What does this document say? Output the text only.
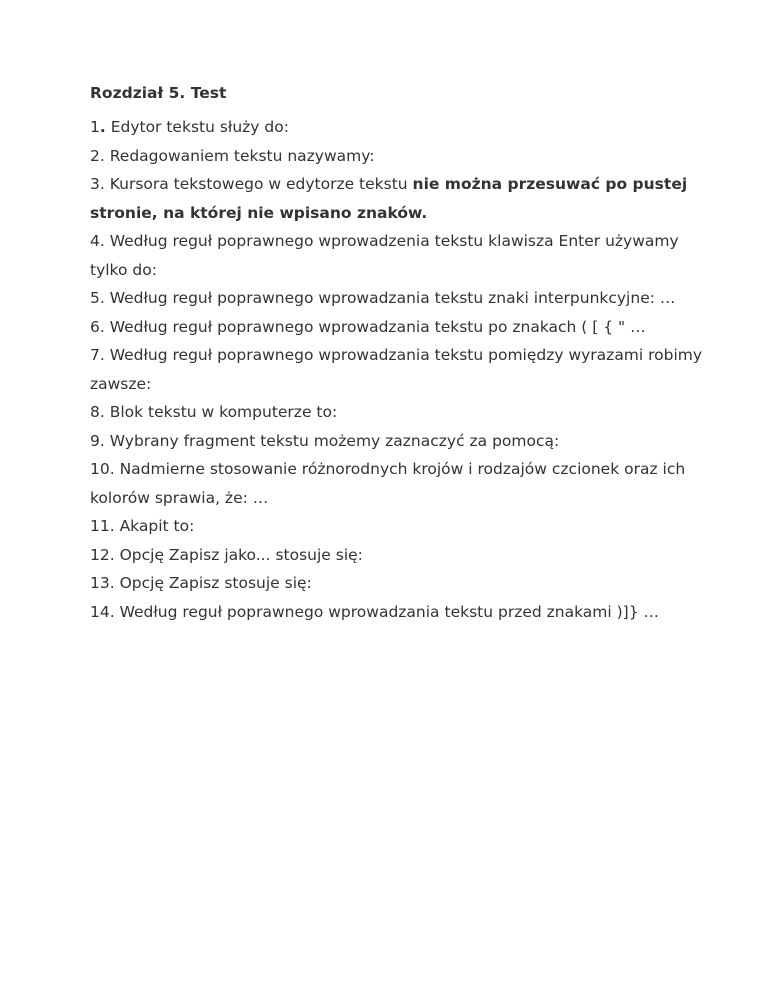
Rozdział 5. Test

1. Edytor tekstu służy do:

2. Redagowaniem tekstu nazywamy:

3. Kursora tekstowego w edytorze tekstu nie można przesuwać po pustej stronie, na której nie wpisano znaków.

4. Według reguł poprawnego wprowadzenia tekstu klawisza Enter używamy tylko do:

5. Według reguł poprawnego wprowadzania tekstu znaki interpunkcyjne: …

6. Według reguł poprawnego wprowadzania tekstu po znakach ( [ { " …

7. Według reguł poprawnego wprowadzania tekstu pomiędzy wyrazami robimy zawsze:

8. Blok tekstu w komputerze to:

9. Wybrany fragment tekstu możemy zaznaczyć za pomocą:

10. Nadmierne stosowanie różnorodnych krojów i rodzajów czcionek oraz ich kolorów sprawia, że: …

11. Akapit to:

12. Opcję Zapisz jako... stosuje się:

13. Opcję Zapisz stosuje się:

14. Według reguł poprawnego wprowadzania tekstu przed znakami )]} …
